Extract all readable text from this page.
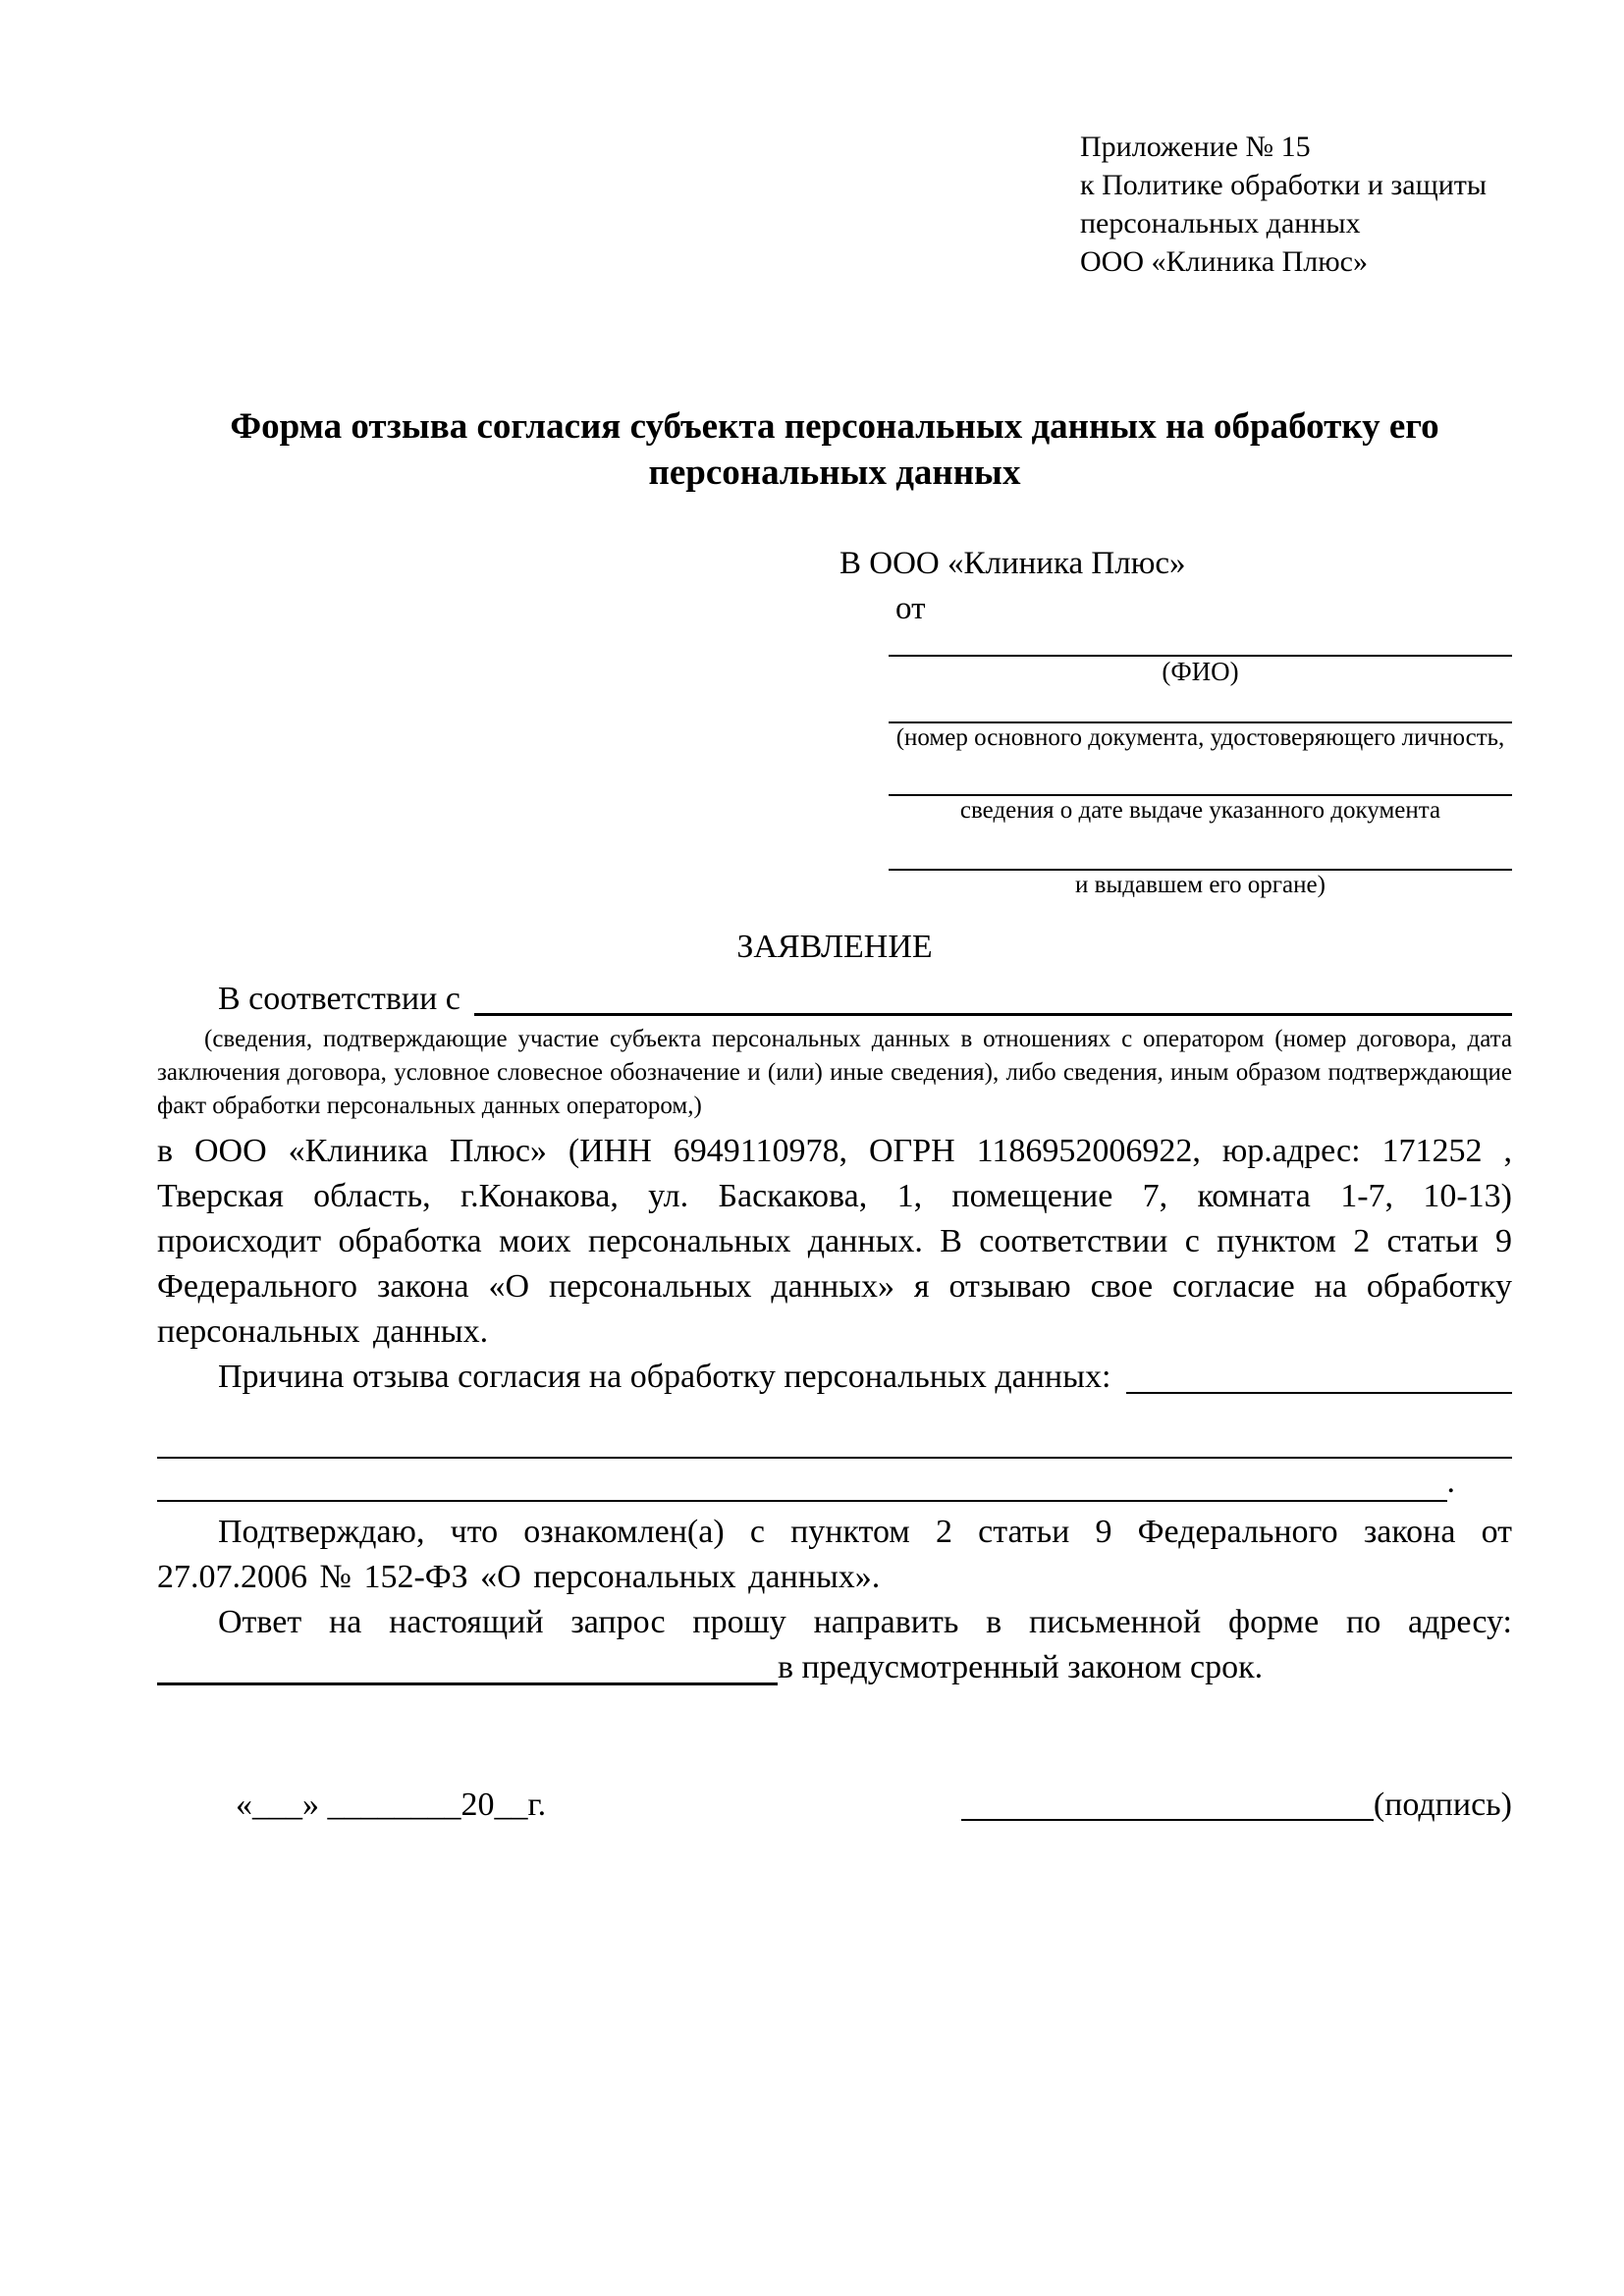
Приложение № 15
к Политике обработки и защиты
персональных данных
ООО «Клиника Плюс»
Форма отзыва согласия субъекта персональных данных на обработку его персональных данных
В ООО «Клиника Плюс»
от
(ФИО)
(номер основного документа, удостоверяющего личность,
сведения о дате выдаче указанного документа
и выдавшем его органе)
ЗАЯВЛЕНИЕ
В соответствии с

(сведения, подтверждающие участие субъекта персональных данных в отношениях с оператором (номер договора, дата заключения договора, условное словесное обозначение и (или) иные сведения), либо сведения, иным образом подтверждающие факт обработки персональных данных оператором,)

в ООО «Клиника Плюс» (ИНН 6949110978, ОГРН 1186952006922, юр.адрес: 171252 , Тверская область, г.Конакова, ул. Баскакова, 1, помещение 7, комната 1-7, 10-13) происходит обработка моих персональных данных. В соответствии с пунктом 2 статьи 9 Федерального закона «О персональных данных» я отзываю свое согласие на обработку персональных данных.

Причина отзыва согласия на обработку персональных данных:
.

Подтверждаю, что ознакомлен(а) с пунктом 2 статьи 9 Федерального закона от 27.07.2006 № 152-ФЗ «О персональных данных».

Ответ на настоящий запрос прошу направить в письменной форме по адресу:

в предусмотренный законом срок.
«___» ________20__г.	(подпись)
